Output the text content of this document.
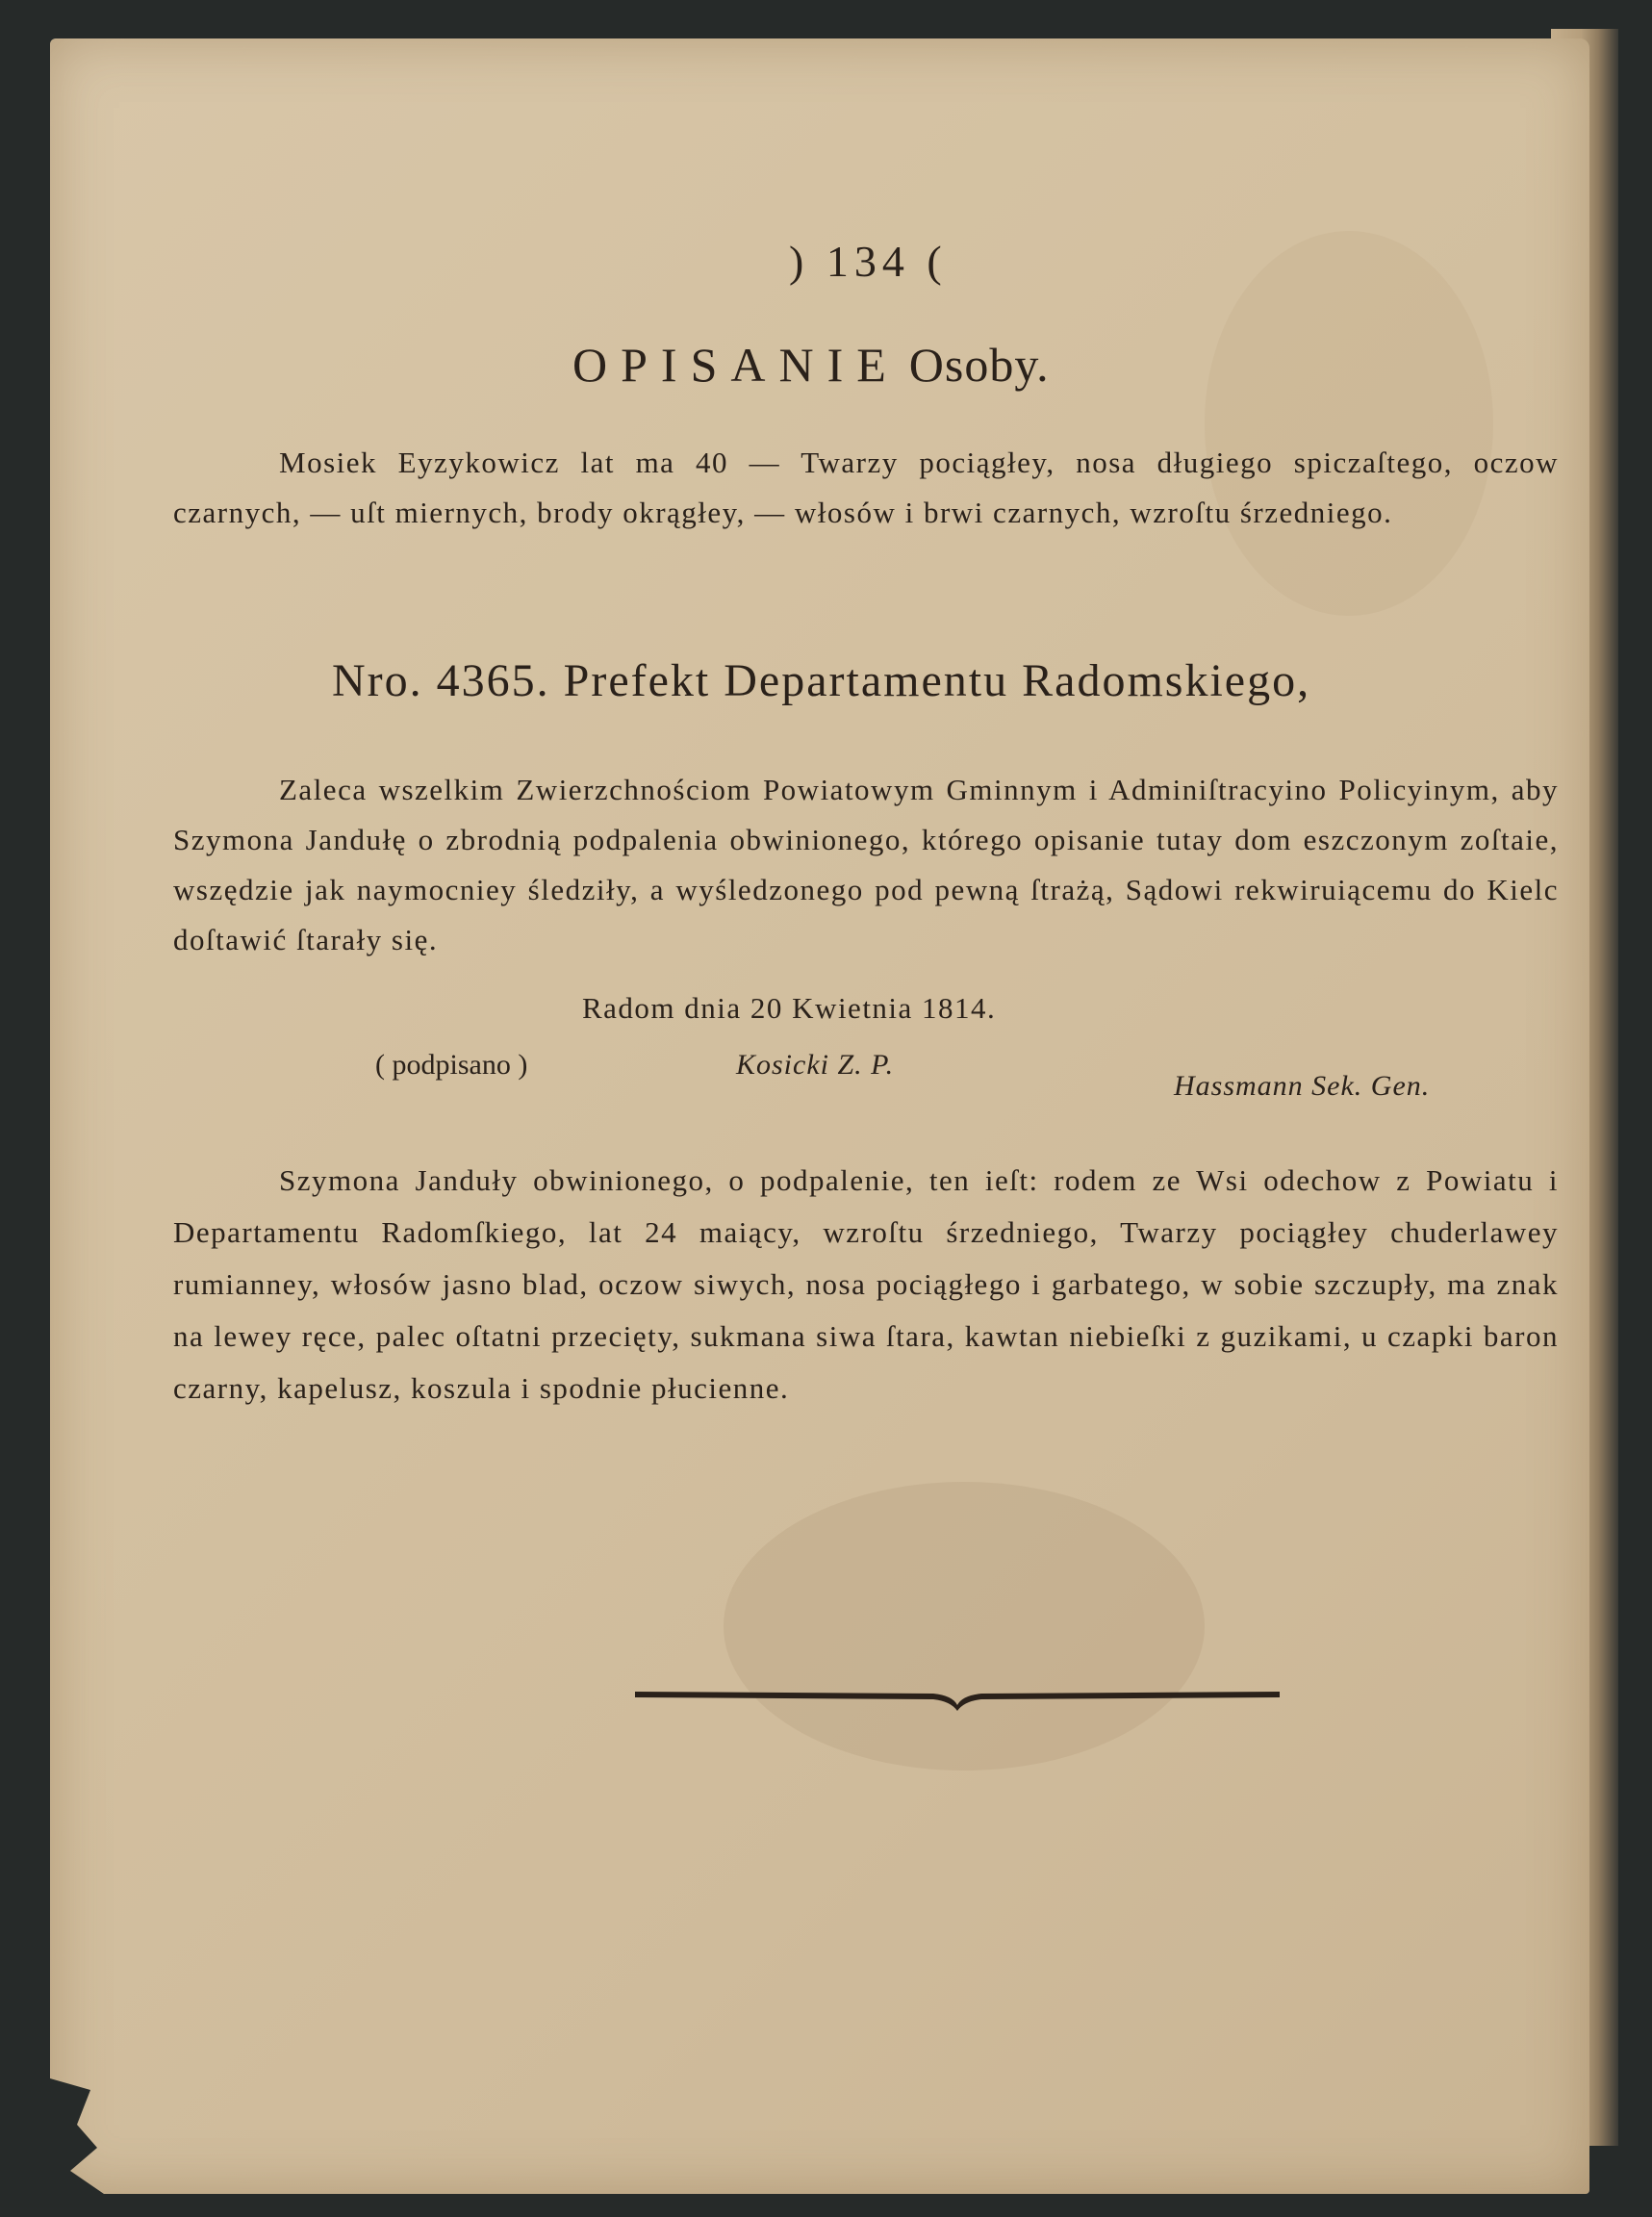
) 134 (
OPISANIE Osoby.
Mosiek Eyzykowicz lat ma 40 — Twarzy pociągłey, nosa długiego spiczaſtego, oczow czarnych, — uſt miernych, brody okrągłey, — włosów i brwi czarnych, wzroſtu śrzedniego.
Nro. 4365. Prefekt Departamentu Radomskiego,
Zaleca wszelkim Zwierzchnościom Powiatowym Gminnym i Adminiſtracyino Policyinym, aby Szymona Jandułę o zbrodnią podpalenia obwinionego, którego opisanie tutay dom eszczonym zoſtaie, wszędzie jak naymocniey śledziły, a wyśledzonego pod pewną ſtrażą, Sądowi rekwiruiącemu do Kielc doſtawić ſtarały się.
Radom dnia 20 Kwietnia 1814.
( podpisano )	Kosicki Z. P.
Hassmann Sek. Gen.
Szymona Janduły obwinionego, o podpalenie, ten ieſt: rodem ze Wsi odechow z Powiatu i Departamentu Radomſkiego, lat 24 maiący, wzroſtu śrzedniego, Twarzy pociągłey chuderlawey rumianney, włosów jasno blad, oczow siwych, nosa pociągłego i garbatego, w sobie szczupły, ma znak na lewey ręce, palec oſtatni przecięty, sukmana siwa ſtara, kawtan niebieſki z guzikami, u czapki baron czarny, kapelusz, koszula i spodnie płucienne.
